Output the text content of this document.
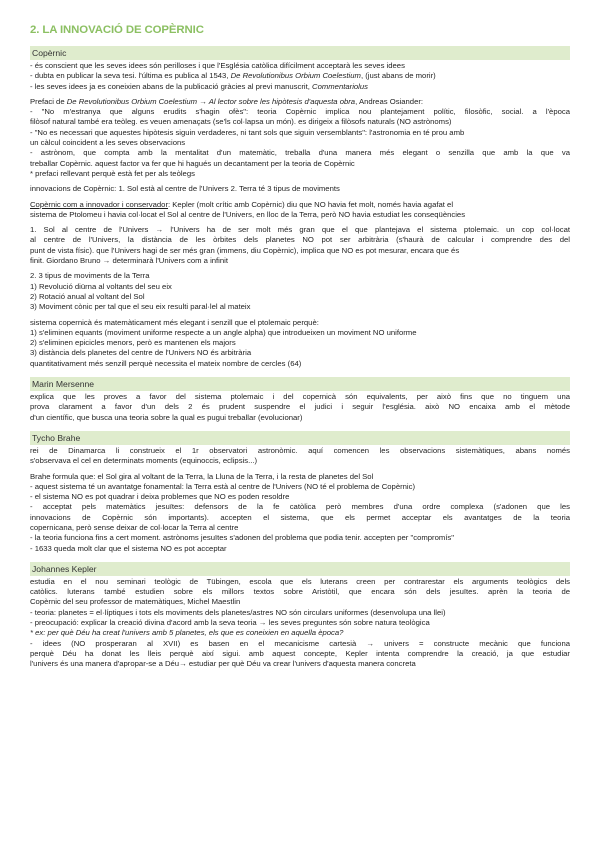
2. LA INNOVACIÓ DE COPÈRNIC
Copèrnic
- és conscient que les seves idees són perilloses i que l'Església catòlica difícilment acceptarà les seves idees
- dubta en publicar la seva tesi. l'última es publica al 1543, De Revolutionibus Orbium Coelestium, (just abans de morir)
- les seves idees ja es coneixien abans de la publicació gràcies al previ manuscrit, Commentariolus
Prefaci de De Revolutionibus Orbium Coelestium → Al lector sobre les hipòtesis d'aquesta obra, Andreas Osiander:
- "No m'estranya que alguns erudits s'hagin ofès": teoria Copèrnic implica nou plantejament polític, filosòfic, social. a l'època
filòsof natural també era teòleg. es veuen amenaçats (se'ls col·lapsa un món). es dirigeix a filòsofs naturals (NO astrònoms)
- "No es necessari que aquestes hipòtesis siguin verdaderes, ni tant sols que siguin versemblants": l'astronomia en té prou amb
un càlcul coincident a les seves observacions
- astrònom, que compta amb la mentalitat d'un matemàtic, treballa d'una manera més elegant o senzilla que amb la que va
treballar Copèrnic. aquest factor va fer que hi hagués un decantament per la teoria de Copèrnic
* prefaci rellevant perquè està fet per als teòlegs
innovacions de Copèrnic: 1. Sol està al centre de l'Univers 2. Terra té 3 tipus de moviments
Copèrnic com a innovador i conservador: Kepler (molt crític amb Copèrnic) diu que NO havia fet molt, només havia agafat el
sistema de Ptolomeu i havia col·locat el Sol al centre de l'Univers, en lloc de la Terra, però NO havia estudiat les conseqüències
1. Sol al centre de l'Univers → l'Univers ha de ser molt més gran que el que plantejava el sistema ptolemaic. un cop col·locat
al centre de l'Univers, la distància de les òrbites dels planetes NO pot ser arbitrària (s'haurà de calcular i comprendre des del
punt de vista físic). que l'Univers hagi de ser més gran (immens, diu Copèrnic), implica que NO es pot mesurar, encara que és
finit. Giordano Bruno → determinarà l'Univers com a infinit
2. 3 tipus de moviments de la Terra
1) Revolució diürna al voltants del seu eix
2) Rotació anual al voltant del Sol
3) Moviment cònic per tal que el seu eix resulti paral·lel al mateix
sistema copernicà és matemàticament més elegant i senzill que el ptolemaic perquè:
1) s'eliminen equants (moviment uniforme respecte a un angle alpha) que introdueixen un moviment NO uniforme
2) s'eliminen epicicles menors, però es mantenen els majors
3) distància dels planetes del centre de l'Univers NO és arbitrària
quantitativament més senzill perquè necessita el mateix nombre de cercles (64)
Marin Mersenne
explica que les proves a favor del sistema ptolemaic i del copernicà són equivalents, per això fins que no tinguem una
prova clarament a favor d'un dels 2 és prudent suspendre el judici i seguir l'església. això NO encaixa amb el mètode
d'un científic, que busca una teoria sobre la qual es pugui treballar (evolucionar)
Tycho Brahe
rei de Dinamarca li construeix el 1r observatori astronòmic. aquí comencen les observacions sistemàtiques, abans només
s'observava el cel en determinats moments (equinoccis, eclipsis...)
Brahe formula que: el Sol gira al voltant de la Terra, la Lluna de la Terra, i la resta de planetes del Sol
- aquest sistema té un avantatge fonamental: la Terra està al centre de l'Univers (NO té el problema de Copèrnic)
- el sistema NO es pot quadrar i deixa problemes que NO es poden resoldre
- acceptat pels matemàtics jesuïtes: defensors de la fe catòlica però membres d'una ordre complexa (s'adonen que les
innovacions de Copèrnic són importants). accepten el sistema, que els permet acceptar els avantatges de la teoria
copernicana, però sense deixar de col·locar la Terra al centre
- la teoria funciona fins a cert moment. astrònoms jesuïtes s'adonen del problema que podia tenir. accepten per "compromís"
- 1633 queda molt clar que el sistema NO es pot acceptar
Johannes Kepler
estudia en el nou seminari teològic de Tübingen, escola que els luterans creen per contrarestar els arguments teològics dels
catòlics. luterans també estudien sobre els millors textos sobre Aristòtil, que encara són dels jesuïtes. aprèn la teoria de
Copèrnic del seu professor de matemàtiques, Michel Maestlin
- teoria: planetes = el·líptiques i tots els moviments dels planetes/astres NO són circulars uniformes (desenvolupa una llei)
- preocupació: explicar la creació divina d'acord amb la seva teoria → les seves preguntes són sobre natura teològica
* ex: per què Déu ha creat l'univers amb 5 planetes, els que es coneixien en aquella època?
- idees (NO prosperaran al XVII) es basen en el mecanicisme cartesià → univers = constructe mecànic que funciona
perquè Déu ha donat les lleis perquè així sigui. amb aquest concepte, Kepler intenta comprendre la creació, ja que estudiar
l'univers és una manera d'apropar-se a Déu→ estudiar per què Déu va crear l'univers d'aquesta manera concreta
